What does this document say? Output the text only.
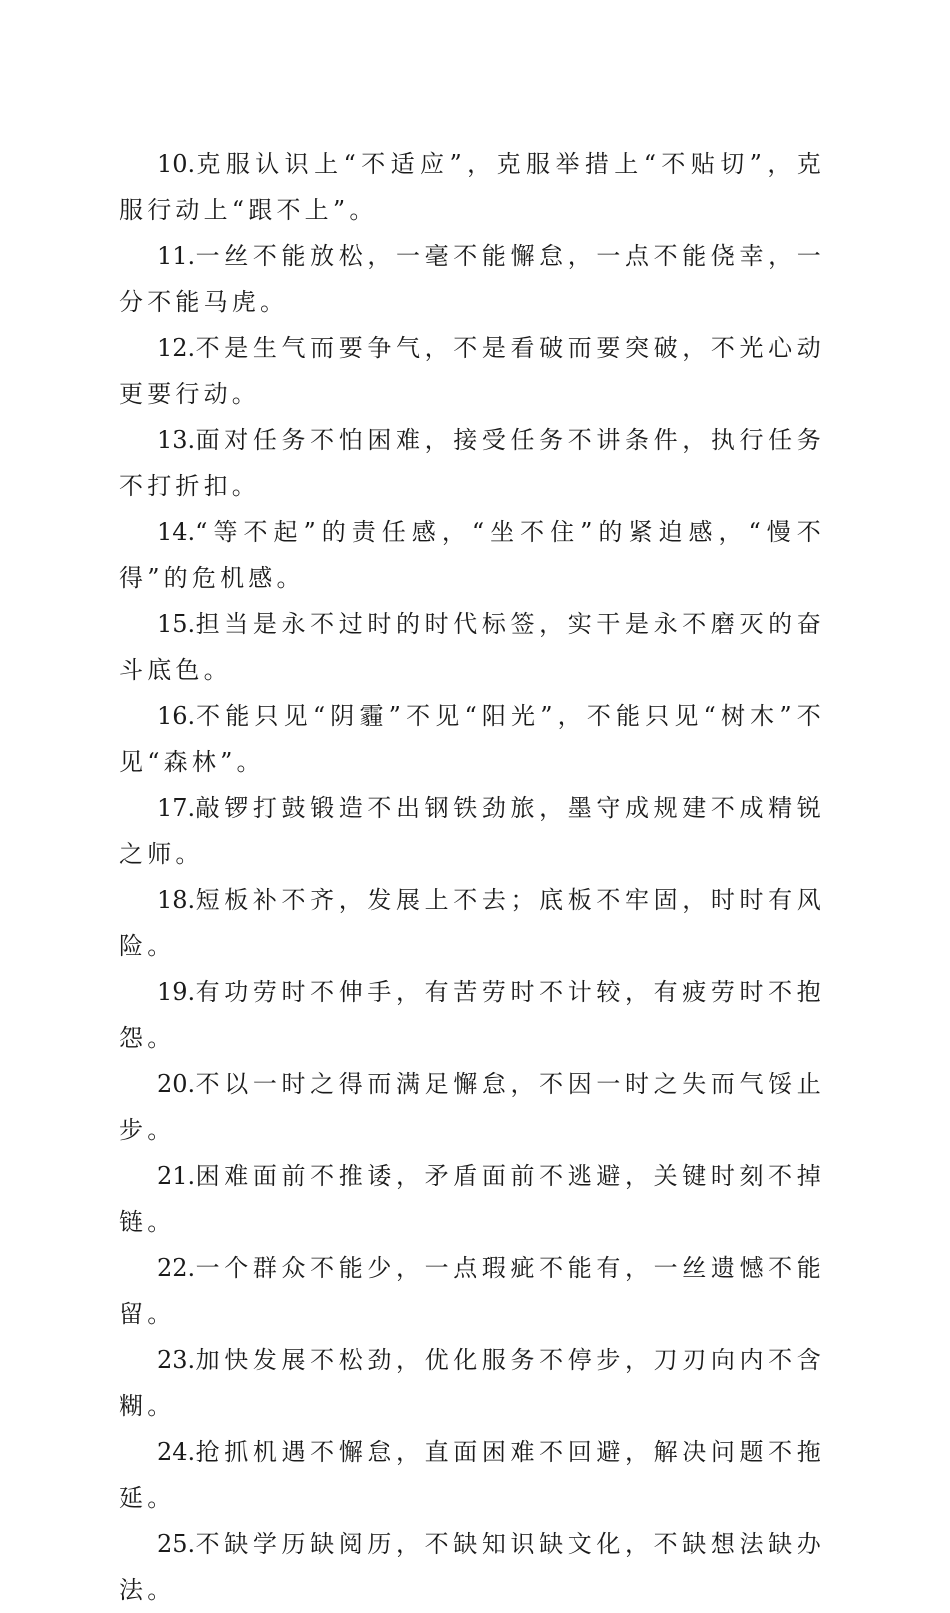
10.克服认识上“不适应”，克服举措上“不贴切”，克服行动上“跟不上”。

11.一丝不能放松，一毫不能懈怠，一点不能侥幸，一分不能马虎。

12.不是生气而要争气，不是看破而要突破，不光心动更要行动。

13.面对任务不怕困难，接受任务不讲条件，执行任务不打折扣。

14.“等不起”的责任感，“坐不住”的紧迫感，“慢不得”的危机感。

15.担当是永不过时的时代标签，实干是永不磨灭的奋斗底色。

16.不能只见“阴霾”不见“阳光”，不能只见“树木”不见“森林”。

17.敲锣打鼓锻造不出钢铁劲旅，墨守成规建不成精锐之师。

18.短板补不齐，发展上不去；底板不牢固，时时有风险。

19.有功劳时不伸手，有苦劳时不计较，有疲劳时不抱怨。

20.不以一时之得而满足懈怠，不因一时之失而气馁止步。

21.困难面前不推诿，矛盾面前不逃避，关键时刻不掉链。

22.一个群众不能少，一点瑕疵不能有，一丝遗憾不能留。

23.加快发展不松劲，优化服务不停步，刀刃向内不含糊。

24.抢抓机遇不懈怠，直面困难不回避，解决问题不拖延。

25.不缺学历缺阅历，不缺知识缺文化，不缺想法缺办法。
